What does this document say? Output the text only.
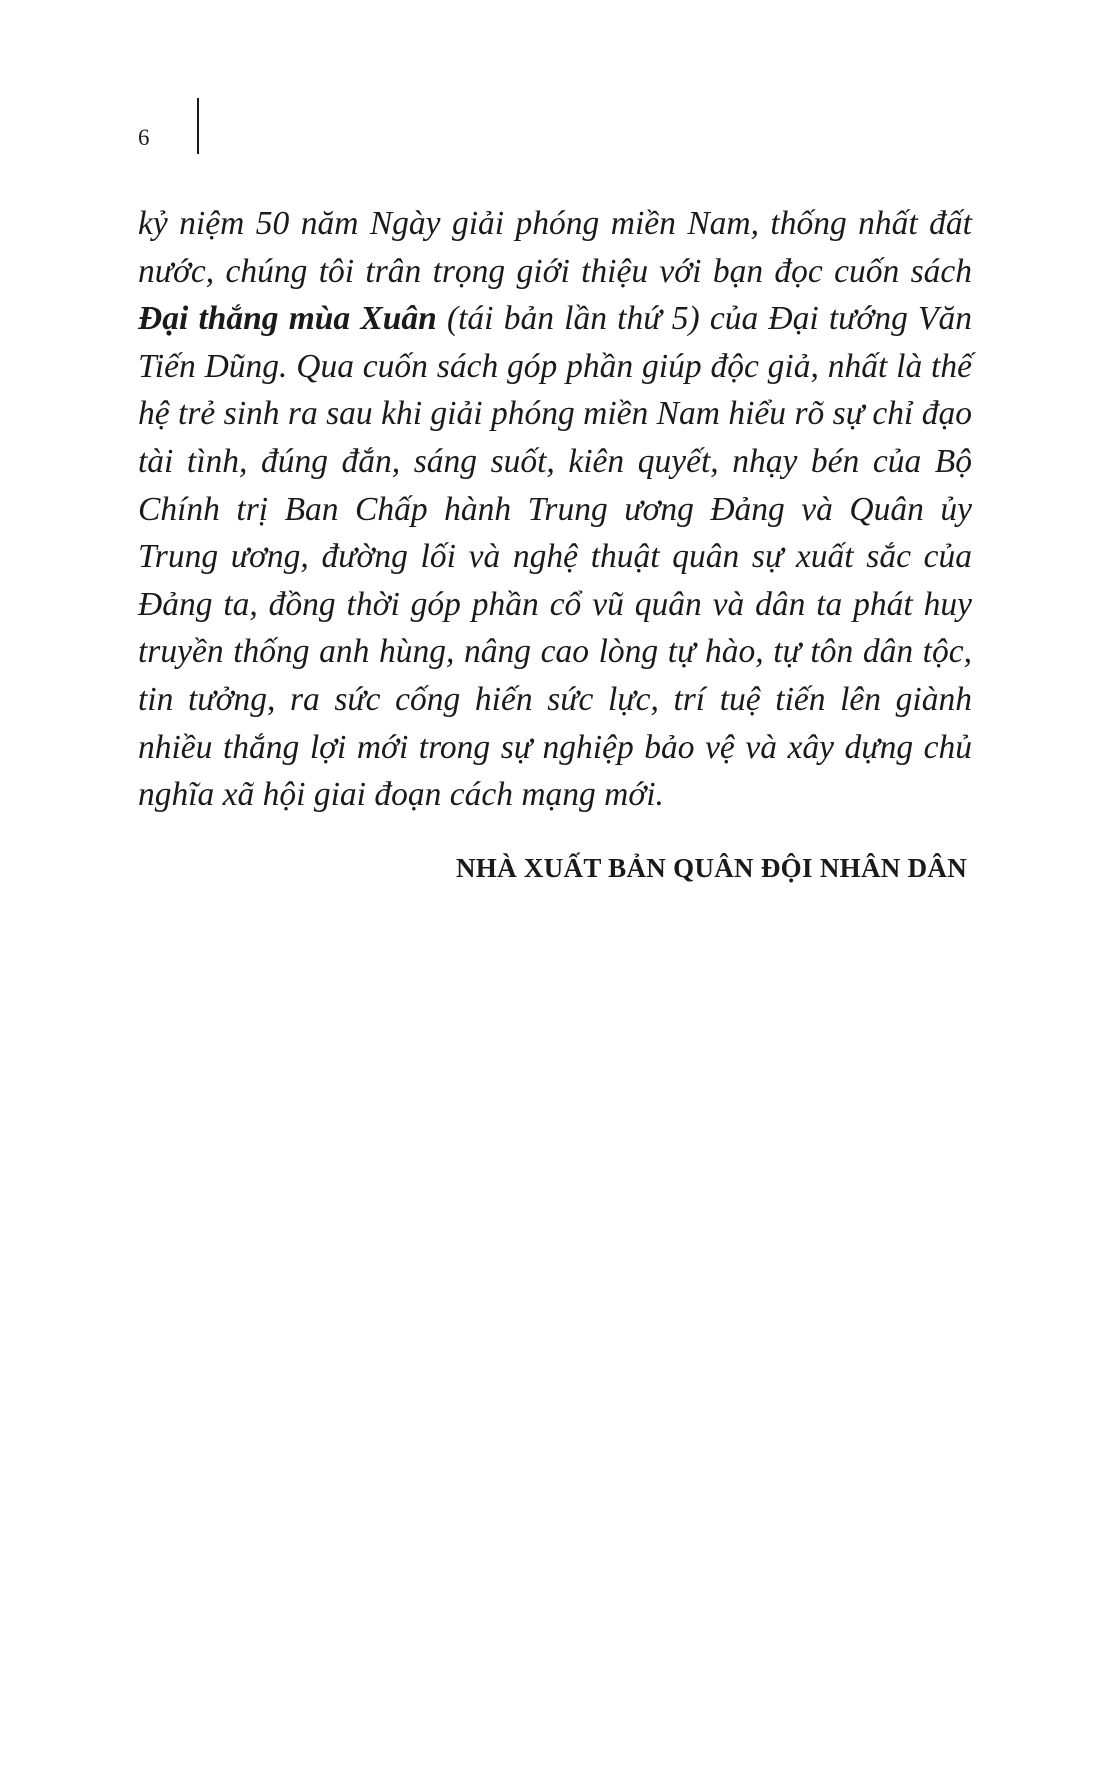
6

kỷ niệm 50 năm Ngày giải phóng miền Nam, thống nhất đất nước, chúng tôi trân trọng giới thiệu với bạn đọc cuốn sách Đại thắng mùa Xuân (tái bản lần thứ 5) của Đại tướng Văn Tiến Dũng. Qua cuốn sách góp phần giúp độc giả, nhất là thế hệ trẻ sinh ra sau khi giải phóng miền Nam hiểu rõ sự chỉ đạo tài tình, đúng đắn, sáng suốt, kiên quyết, nhạy bén của Bộ Chính trị Ban Chấp hành Trung ương Đảng và Quân ủy Trung ương, đường lối và nghệ thuật quân sự xuất sắc của Đảng ta, đồng thời góp phần cổ vũ quân và dân ta phát huy truyền thống anh hùng, nâng cao lòng tự hào, tự tôn dân tộc, tin tưởng, ra sức cống hiến sức lực, trí tuệ tiến lên giành nhiều thắng lợi mới trong sự nghiệp bảo vệ và xây dựng chủ nghĩa xã hội giai đoạn cách mạng mới.

NHÀ XUẤT BẢN QUÂN ĐỘI NHÂN DÂN
